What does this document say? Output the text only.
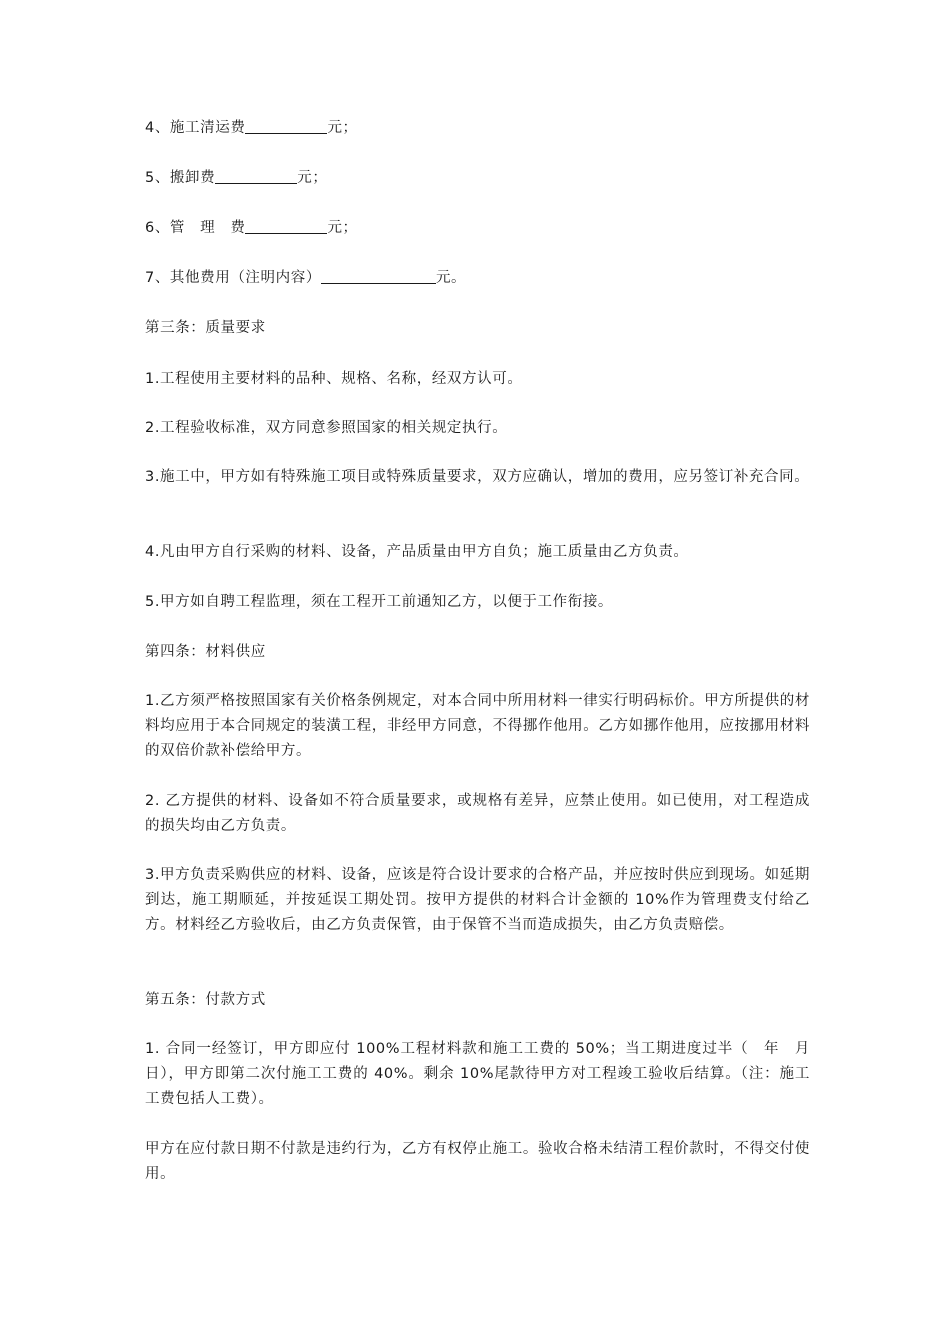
4、施工清运费	元；

5、搬卸费	元；

6、管　理　费	元；

7、其他费用（注明内容）	元。

第三条：质量要求

1.工程使用主要材料的品种、规格、名称，经双方认可。

2.工程验收标准，双方同意参照国家的相关规定执行。

3.施工中，甲方如有特殊施工项目或特殊质量要求，双方应确认，增加的费用，应另签订补充合同。

4.凡由甲方自行采购的材料、设备，产品质量由甲方自负；施工质量由乙方负责。

5.甲方如自聘工程监理，须在工程开工前通知乙方，以便于工作衔接。

第四条：材料供应

1.乙方须严格按照国家有关价格条例规定，对本合同中所用材料一律实行明码标价。甲方所提供的材料均应用于本合同规定的装潢工程，非经甲方同意，不得挪作他用。乙方如挪作他用，应按挪用材料的双倍价款补偿给甲方。

2. 乙方提供的材料、设备如不符合质量要求，或规格有差异，应禁止使用。如已使用，对工程造成的损失均由乙方负责。

3.甲方负责采购供应的材料、设备，应该是符合设计要求的合格产品，并应按时供应到现场。如延期到达，施工期顺延，并按延误工期处罚。按甲方提供的材料合计金额的 10%作为管理费支付给乙方。材料经乙方验收后，由乙方负责保管，由于保管不当而造成损失，由乙方负责赔偿。

第五条：付款方式

1. 合同一经签订，甲方即应付 100%工程材料款和施工工费的 50%；当工期进度过半（　年　月　日），甲方即第二次付施工工费的 40%。剩余 10%尾款待甲方对工程竣工验收后结算。（注：施工工费包括人工费）。

甲方在应付款日期不付款是违约行为，乙方有权停止施工。验收合格未结清工程价款时，不得交付使用。
